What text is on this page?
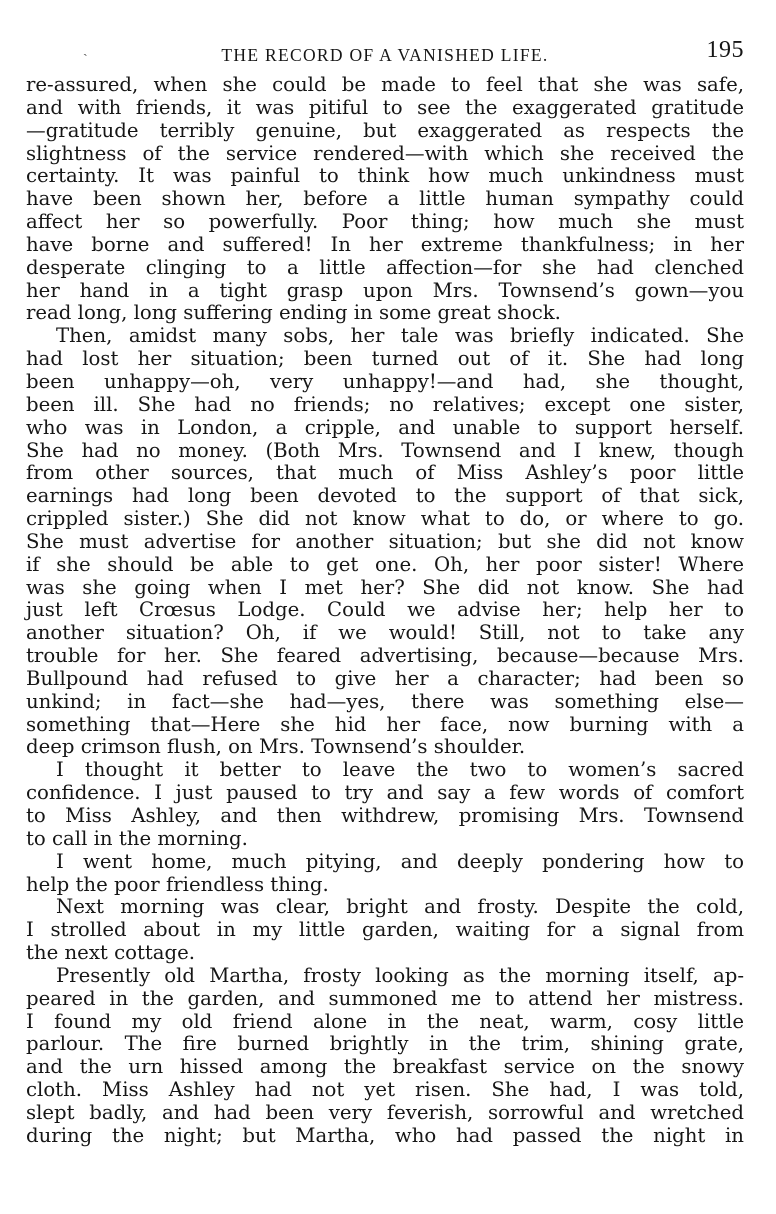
ˏ	THE RECORD OF A VANISHED LIFE.	195

re-assured, when she could be made to feel that she was safe,

and with friends, it was pitiful to see the exaggerated gratitude

—gratitude terribly genuine, but exaggerated as respects the

slightness of the service rendered—with which she received the

certainty. It was painful to think how much unkindness must

have been shown her, before a little human sympathy could

affect her so powerfully. Poor thing; how much she must

have borne and suffered! In her extreme thankfulness; in her

desperate clinging to a little affection—for she had clenched

her hand in a tight grasp upon Mrs. Townsend’s gown—you

read long, long suffering ending in some great shock.

Then, amidst many sobs, her tale was briefly indicated. She

had lost her situation; been turned out of it. She had long

been unhappy—oh, very unhappy!—and had, she thought,

been ill. She had no friends; no relatives; except one sister,

who was in London, a cripple, and unable to support herself.

She had no money. (Both Mrs. Townsend and I knew, though

from other sources, that much of Miss Ashley’s poor little

earnings had long been devoted to the support of that sick,

crippled sister.) She did not know what to do, or where to go.

She must advertise for another situation; but she did not know

if she should be able to get one. Oh, her poor sister! Where

was she going when I met her? She did not know. She had

just left Crœsus Lodge. Could we advise her; help her to

another situation? Oh, if we would! Still, not to take any

trouble for her. She feared advertising, because—because Mrs.

Bullpound had refused to give her a character; had been so

unkind; in fact—she had—yes, there was something else—

something that—Here she hid her face, now burning with a

deep crimson flush, on Mrs. Townsend’s shoulder.

I thought it better to leave the two to women’s sacred

confidence. I just paused to try and say a few words of comfort

to Miss Ashley, and then withdrew, promising Mrs. Townsend

to call in the morning.

I went home, much pitying, and deeply pondering how to

help the poor friendless thing.

Next morning was clear, bright and frosty. Despite the cold,

I strolled about in my little garden, waiting for a signal from

the next cottage.

Presently old Martha, frosty looking as the morning itself, ap-

peared in the garden, and summoned me to attend her mistress.

I found my old friend alone in the neat, warm, cosy little

parlour. The fire burned brightly in the trim, shining grate,

and the urn hissed among the breakfast service on the snowy

cloth. Miss Ashley had not yet risen. She had, I was told,

slept badly, and had been very feverish, sorrowful and wretched

during the night; but Martha, who had passed the night in
